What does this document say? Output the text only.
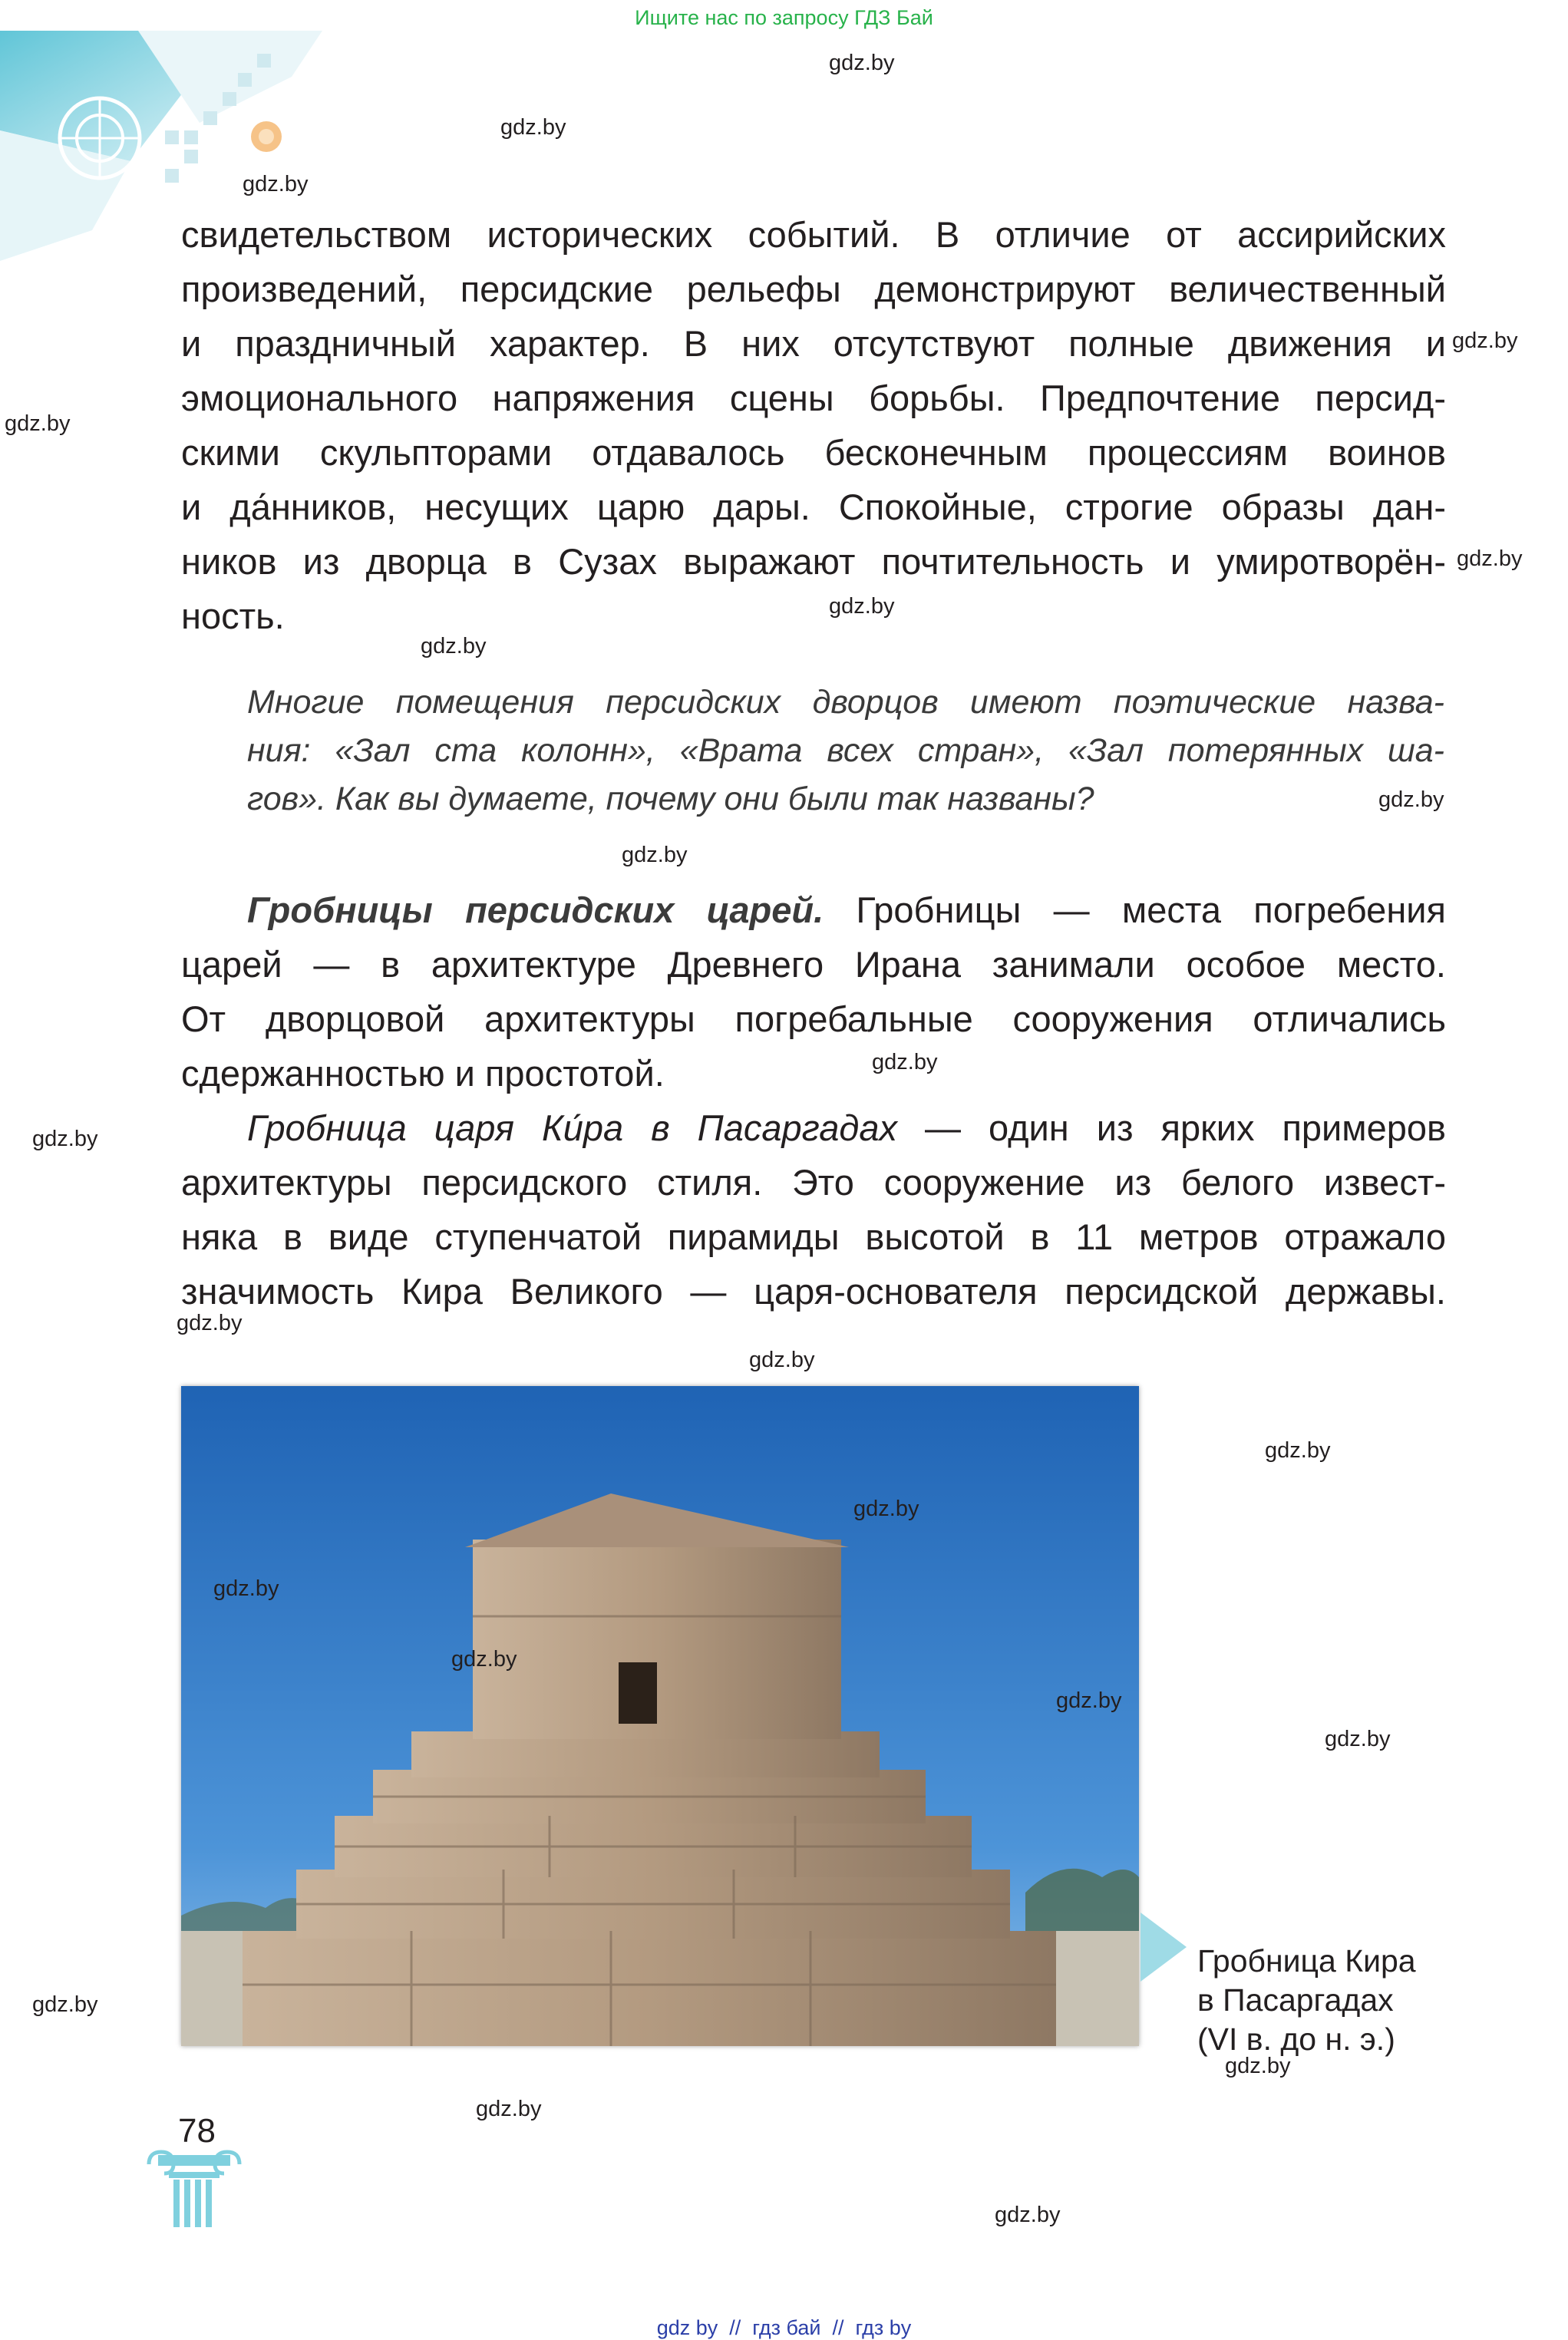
Ищите нас по запросу ГДЗ Бай

свидетельством исторических событий. В отличие от ассирийских
произведений, персидские рельефы демонстрируют величественный
и праздничный характер. В них отсутствуют полные движения и
эмоционального напряжения сцены борьбы. Предпочтение персид-
скими скульпторами отдавалось бесконечным процессиям воинов
и да́нников, несущих царю дары. Спокойные, строгие образы дан-
ников из дворца в Сузах выражают почтительность и умиротворён-
ность.

Многие помещения персидских дворцов имеют поэтические назва-
ния: «Зал ста колонн», «Врата всех стран», «Зал потерянных ша-
гов». Как вы думаете, почему они были так названы?

Гробницы персидских царей. Гробницы — места погребения
царей — в архитектуре Древнего Ирана занимали особое место.
От дворцовой архитектуры погребальные сооружения отличались
сдержанностью и простотой.

Гробница царя Ки́ра в Пасаргадах — один из ярких примеров
архитектуры персидского стиля. Это сооружение из белого извест-
няка в виде ступенчатой пирамиды высотой в 11 метров отражало
значимость Кира Великого — царя-основателя персидской державы.

Гробница Кира
в Пасаргадах
(VI в. до н. э.)
78
gdz.by
gdz.by
gdz.by
gdz.by
gdz.by
gdz.by
gdz.by
gdz.by
gdz.by
gdz.by
gdz.by
gdz.by
gdz.by
gdz.by
gdz.by
gdz.by
gdz.by
gdz.by
gdz.by
gdz.by
gdz.by
gdz.by
gdz.by
gdz.by
gdz by  //  гдз бай  //  гдз by
